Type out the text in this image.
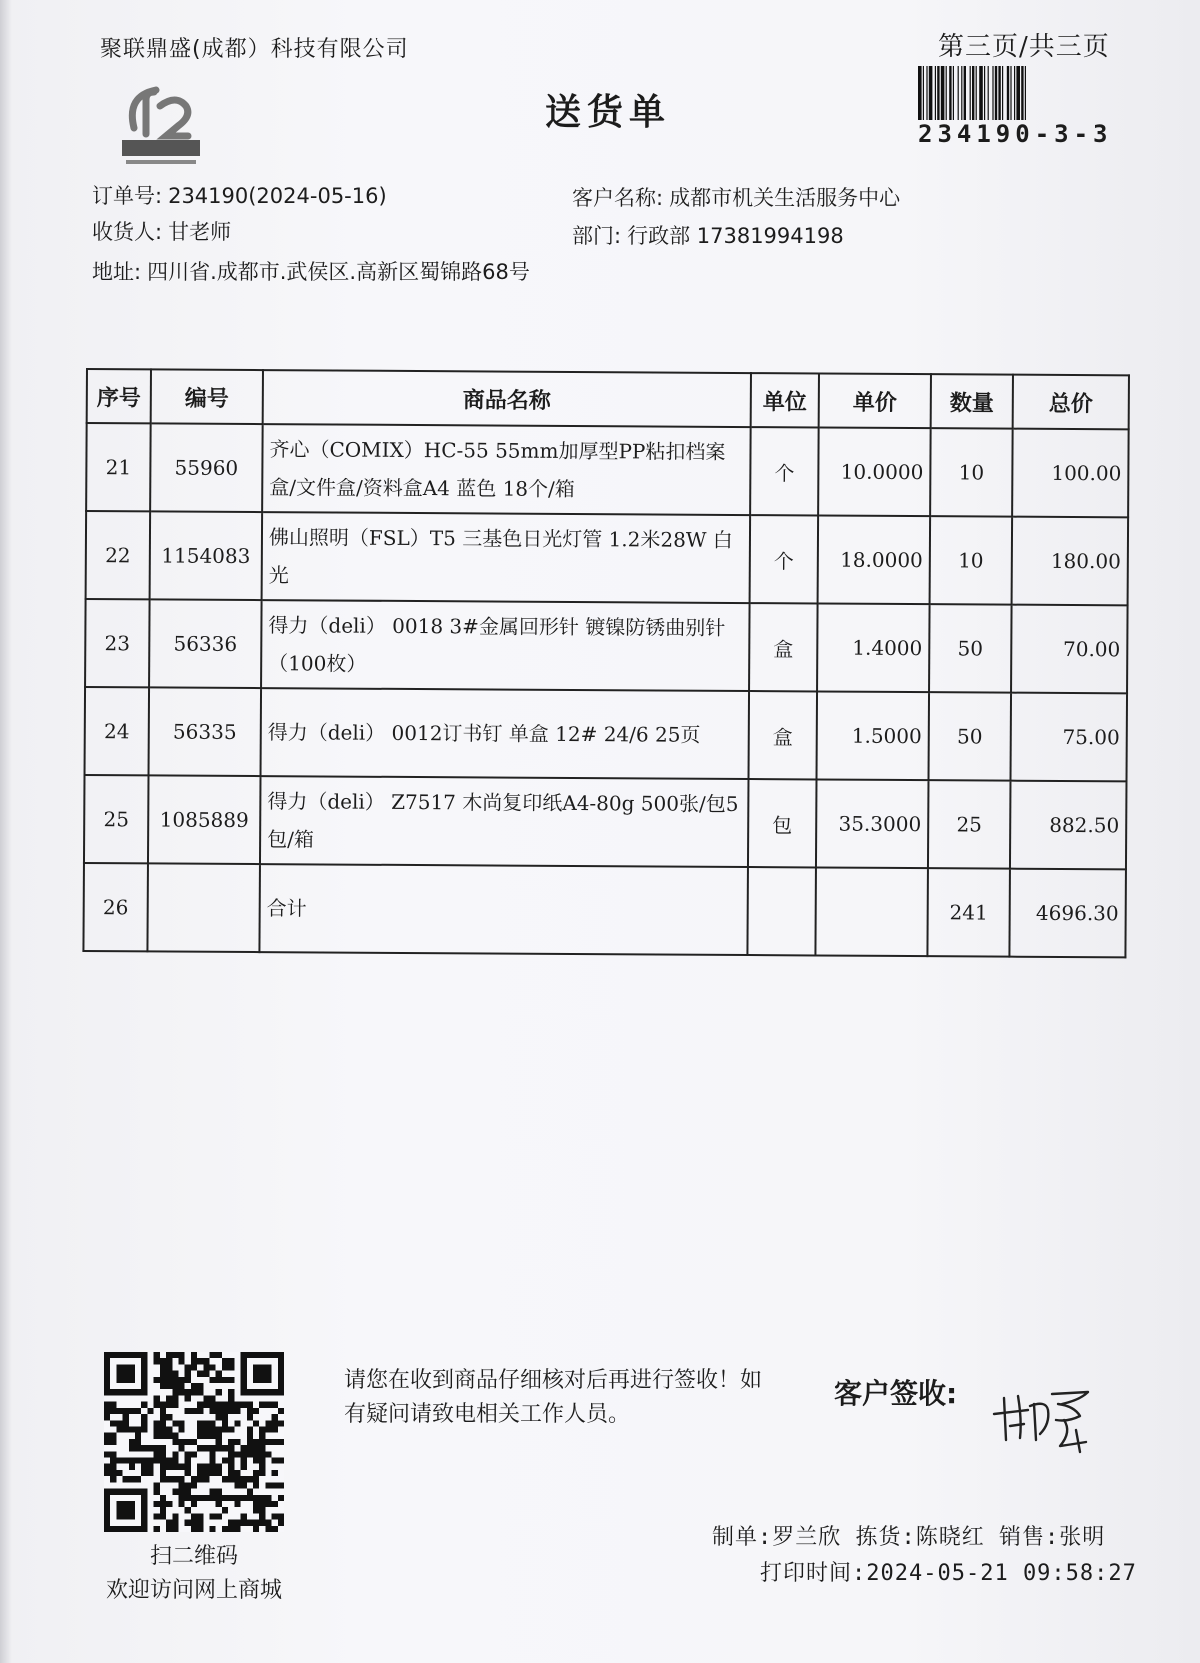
聚联鼎盛(成都）科技有限公司
送货单
第三页/共三页
234190-3-3
订单号: 234190(2024-05-16)
收货人: 甘老师
地址: 四川省.成都市.武侯区.高新区蜀锦路68号
客户名称: 成都市机关生活服务中心
部门: 行政部 17381994198
序号	编号	商品名称	单位	单价	数量	总价
21	55960	齐心（COMIX）HC-55 55mm加厚型PP粘扣档案盒/文件盒/资料盒A4 蓝色 18个/箱	个	10.0000	10	100.00
22	1154083	佛山照明（FSL）T5 三基色日光灯管 1.2米28W 白光	个	18.0000	10	180.00
23	56336	得力（deli） 0018 3#金属回形针 镀镍防锈曲别针（100枚）	盒	1.4000	50	70.00
24	56335	得力（deli） 0012订书钉 单盒 12# 24/6 25页	盒	1.5000	50	75.00
25	1085889	得力（deli） Z7517 木尚复印纸A4-80g 500张/包5包/箱	包	35.3000	25	882.50
26		合计			241	4696.30
扫二维码
欢迎访问网上商城
请您在收到商品仔细核对后再进行签收！如有疑问请致电相关工作人员。
客户签收:
制单:罗兰欣 拣货:陈晓红 销售:张明
打印时间:2024-05-21 09:58:27
